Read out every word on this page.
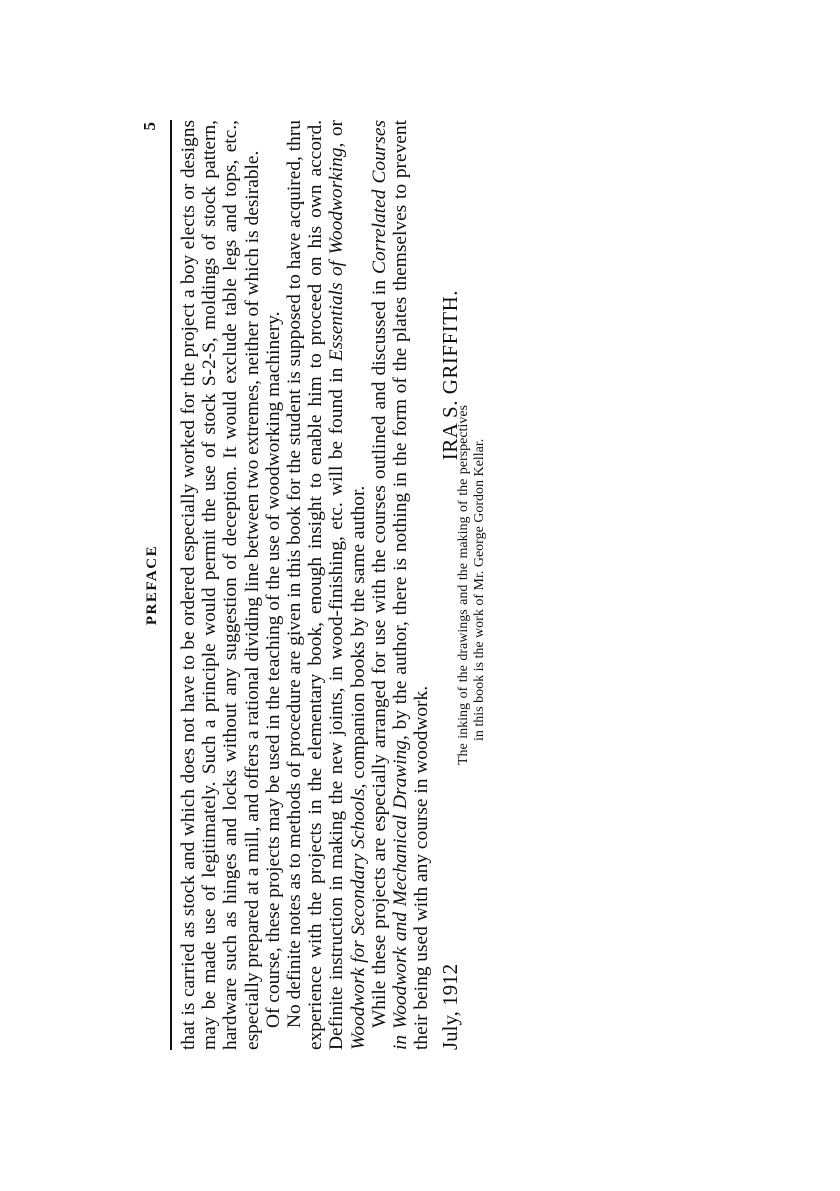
PREFACE
5 that is carried as stock and which does not have to be ordered especially worked for the project a boy elects or designs may be made use of legitimately. Such a principle would permit the use of stock S-2-S, moldings of stock pattern, hardware such as hinges and locks without any suggestion of deception. It would exclude table legs and tops, etc., especially prepared at a mill, and offers a rational dividing line between two extremes, neither of which is desirable. Of course, these projects may be used in the teaching of the use of woodworking machinery. No definite notes as to methods of procedure are given in this book for the student is supposed to have acquired, thru experience with the projects in the elementary book, enough insight to enable him to proceed on his own accord. Definite instruction in making the new joints, in wood-finishing, etc. will be found in Essentials of Woodworking, or Woodwork for Secondary Schools, companion books by the same author. While these projects are especially arranged for use with the courses outlined and discussed in Correlated Courses in Woodwork and Mechanical Drawing, by the author, there is nothing in the form of the plates themselves to prevent their being used with any course in woodwork. July, 1912
IRA S. GRIFFITH.

The inking of the drawings and the making of the perspectives in this book is the work of Mr. George Gordon Kellar.
